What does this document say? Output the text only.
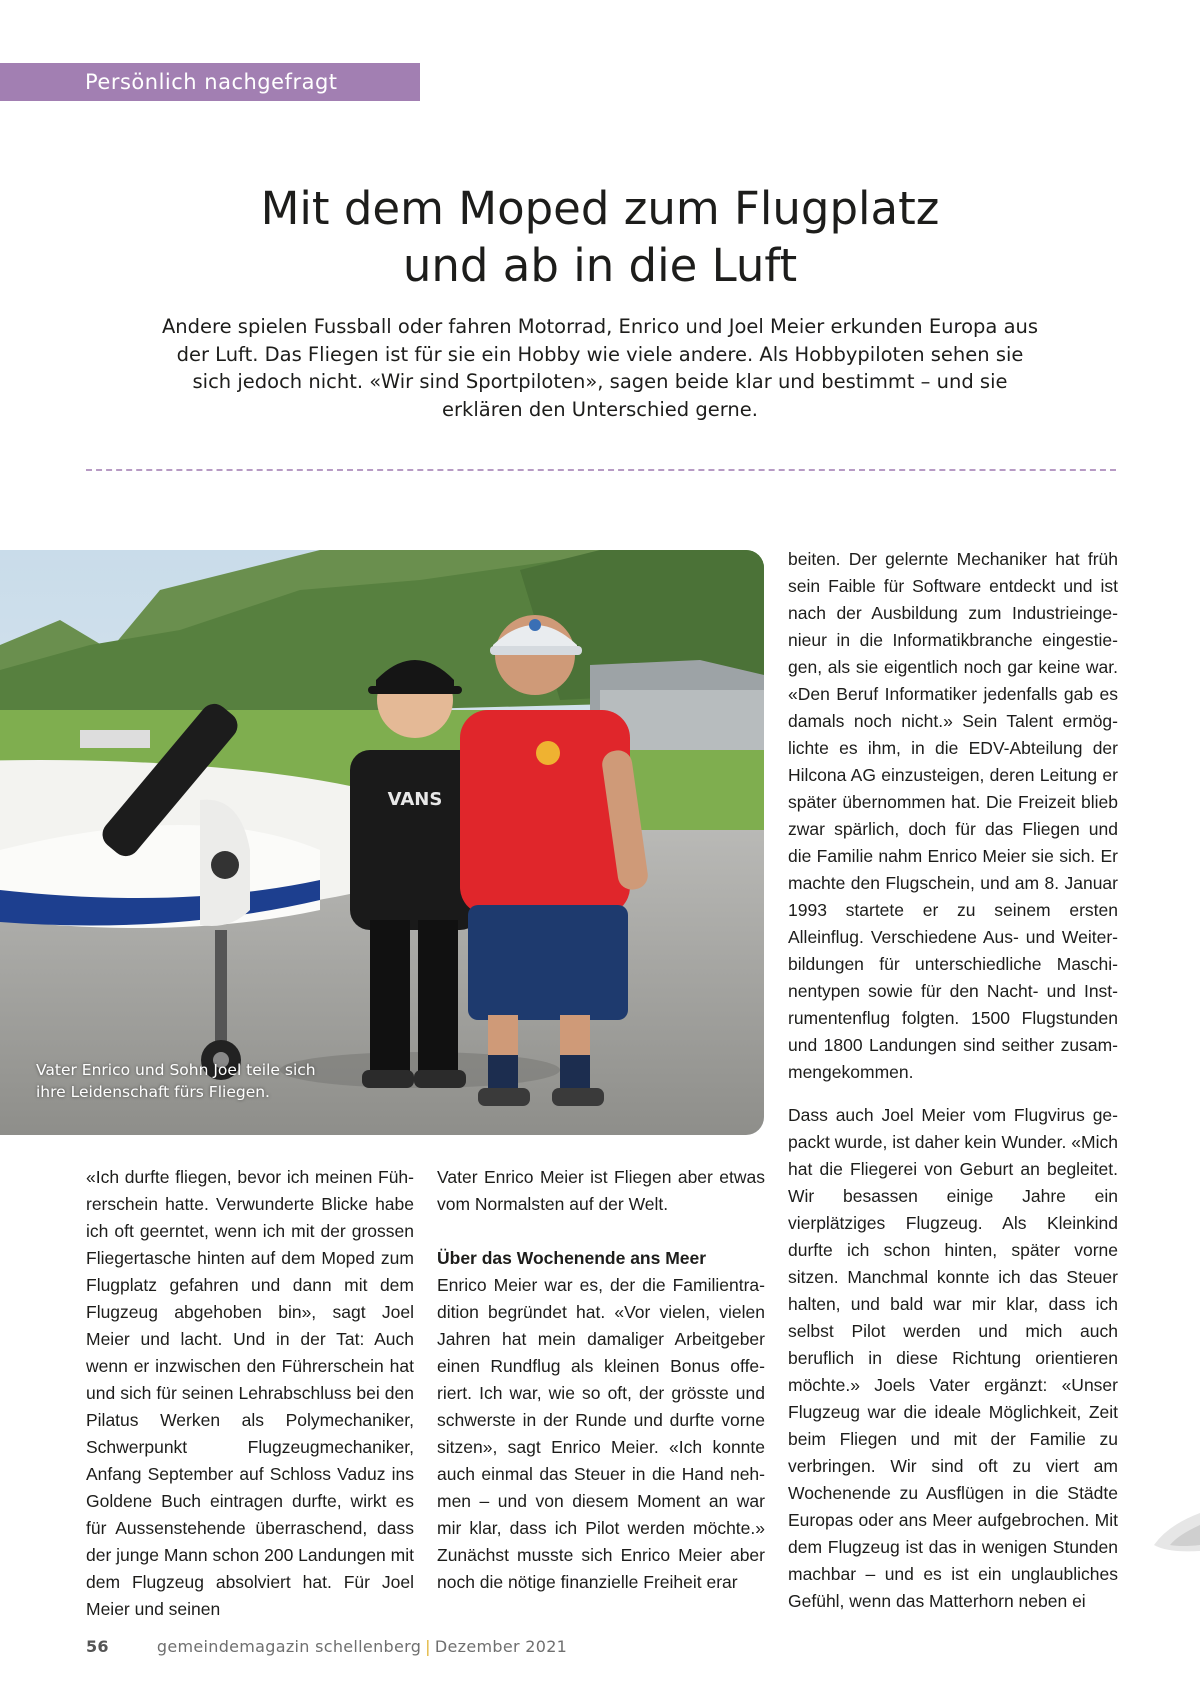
Persönlich nachgefragt
Mit dem Moped zum Flugplatz
und ab in die Luft

Andere spielen Fussball oder fahren Motorrad, Enrico und Joel Meier erkunden Europa aus der Luft. Das Fliegen ist für sie ein Hobby wie viele andere. Als Hobbypiloten sehen sie sich jedoch nicht. «Wir sind Sportpiloten», sagen beide klar und bestimmt – und sie erklären den Unterschied gerne.

VANS
Vater Enrico und Sohn Joel teile sich
ihre Leidenschaft fürs Fliegen.

«Ich durfte fliegen, bevor ich meinen Führerschein hatte. Verwunderte Blicke habe ich oft geerntet, wenn ich mit der grossen Fliegertasche hinten auf dem Moped zum Flugplatz gefahren und dann mit dem Flugzeug abgehoben bin», sagt Joel Meier und lacht. Und in der Tat: Auch wenn er inzwischen den Führerschein hat und sich für seinen Lehrabschluss bei den Pilatus Werken als Polymechaniker, Schwerpunkt Flugzeugmechaniker, Anfang September auf Schloss Vaduz ins Goldene Buch eintragen durfte, wirkt es für Aussenstehende überraschend, dass der junge Mann schon 200 Landungen mit dem Flugzeug absolviert hat. Für Joel Meier und seinen

Vater Enrico Meier ist Fliegen aber etwas vom Normalsten auf der Welt.

Über das Wochenende ans Meer

Enrico Meier war es, der die Familientradition begründet hat. «Vor vielen, vielen Jahren hat mein damaliger Arbeitgeber einen Rundflug als kleinen Bonus offeriert. Ich war, wie so oft, der grösste und schwerste in der Runde und durfte vorne sitzen», sagt Enrico Meier. «Ich konnte auch einmal das Steuer in die Hand nehmen – und von diesem Moment an war mir klar, dass ich Pilot werden möchte.» Zunächst musste sich Enrico Meier aber noch die nötige finanzielle Freiheit erar

beiten. Der gelernte Mechaniker hat früh sein Faible für Software entdeckt und ist nach der Ausbildung zum Industrieingenieur in die Informatikbranche eingestiegen, als sie eigentlich noch gar keine war. «Den Beruf Informatiker jedenfalls gab es damals noch nicht.» Sein Talent ermöglichte es ihm, in die EDV-Abteilung der Hilcona AG einzusteigen, deren Leitung er später übernommen hat. Die Freizeit blieb zwar spärlich, doch für das Fliegen und die Familie nahm Enrico Meier sie sich. Er machte den Flugschein, und am 8. Januar 1993 startete er zu seinem ersten Alleinflug. Verschiedene Aus- und Weiterbildungen für unterschiedliche Maschinentypen sowie für den Nacht- und Instrumentenflug folgten. 1500 Flugstunden und 1800 Landungen sind seither zusammengekommen.

Dass auch Joel Meier vom Flugvirus gepackt wurde, ist daher kein Wunder. «Mich hat die Fliegerei von Geburt an begleitet. Wir besassen einige Jahre ein vierplätziges Flugzeug. Als Kleinkind durfte ich schon hinten, später vorne sitzen. Manchmal konnte ich das Steuer halten, und bald war mir klar, dass ich selbst Pilot werden und mich auch beruflich in diese Richtung orientieren möchte.» Joels Vater ergänzt: «Unser Flugzeug war die ideale Möglichkeit, Zeit beim Fliegen und mit der Familie zu verbringen. Wir sind oft zu viert am Wochenende zu Ausflügen in die Städte Europas oder ans Meer aufgebrochen. Mit dem Flugzeug ist das in wenigen Stunden machbar – und es ist ein unglaubliches Gefühl, wenn das Matterhorn neben ei

56	gemeindemagazin schellenberg | Dezember 2021
